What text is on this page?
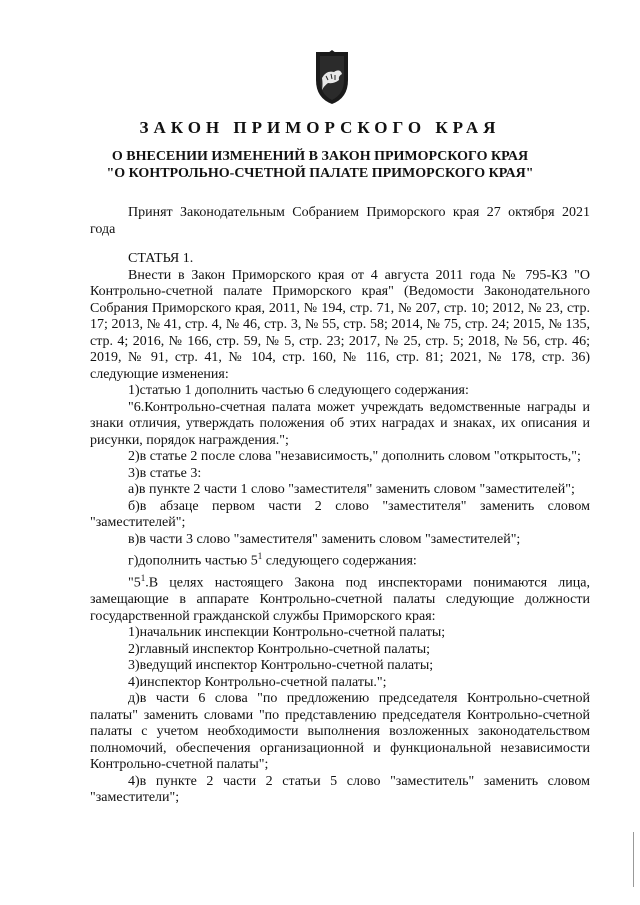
ЗАКОН ПРИМОРСКОГО КРАЯ
О ВНЕСЕНИИ ИЗМЕНЕНИЙ В ЗАКОН ПРИМОРСКОГО КРАЯ
"О КОНТРОЛЬНО-СЧЕТНОЙ ПАЛАТЕ ПРИМОРСКОГО КРАЯ"

Принят Законодательным Собранием Приморского края 27 октября 2021 года

СТАТЬЯ 1.

Внести в Закон Приморского края от 4 августа 2011 года № 795-КЗ "О Контрольно-счетной палате Приморского края" (Ведомости Законодательного Собрания Приморского края, 2011, № 194, стр. 71, № 207, стр. 10; 2012, № 23, стр. 17; 2013, № 41, стр. 4, № 46, стр. 3, № 55, стр. 58; 2014, № 75, стр. 24; 2015, № 135, стр. 4; 2016, № 166, стр. 59, № 5, стр. 23; 2017, № 25, стр. 5; 2018, № 56, стр. 46; 2019, № 91, стр. 41, № 104, стр. 160, № 116, стр. 81; 2021, № 178, стр. 36) следующие изменения:

1)статью 1 дополнить частью 6 следующего содержания:

"6.Контрольно-счетная палата может учреждать ведомственные награды и знаки отличия, утверждать положения об этих наградах и знаках, их описания и рисунки, порядок награждения.";

2)в статье 2 после слова "независимость," дополнить словом "открытость,";

3)в статье 3:

а)в пункте 2 части 1 слово "заместителя" заменить словом "заместителей";

б)в абзаце первом части 2 слово "заместителя" заменить словом "заместителей";

в)в части 3 слово "заместителя" заменить словом "заместителей";

г)дополнить частью $5^1$ следующего содержания:

"$5^1.В$ целях настоящего Закона под инспекторами понимаются лица, замещающие в аппарате Контрольно-счетной палаты следующие должности государственной гражданской службы Приморского края:

1)начальник инспекции Контрольно-счетной палаты;

2)главный инспектор Контрольно-счетной палаты;

3)ведущий инспектор Контрольно-счетной палаты;

4)инспектор Контрольно-счетной палаты.";

д)в части 6 слова "по предложению председателя Контрольно-счетной палаты" заменить словами "по представлению председателя Контрольно-счетной палаты с учетом необходимости выполнения возложенных законодательством полномочий, обеспечения организационной и функциональной независимости Контрольно-счетной палаты";

4)в пункте 2 части 2 статьи 5 слово "заместитель" заменить словом "заместители";
